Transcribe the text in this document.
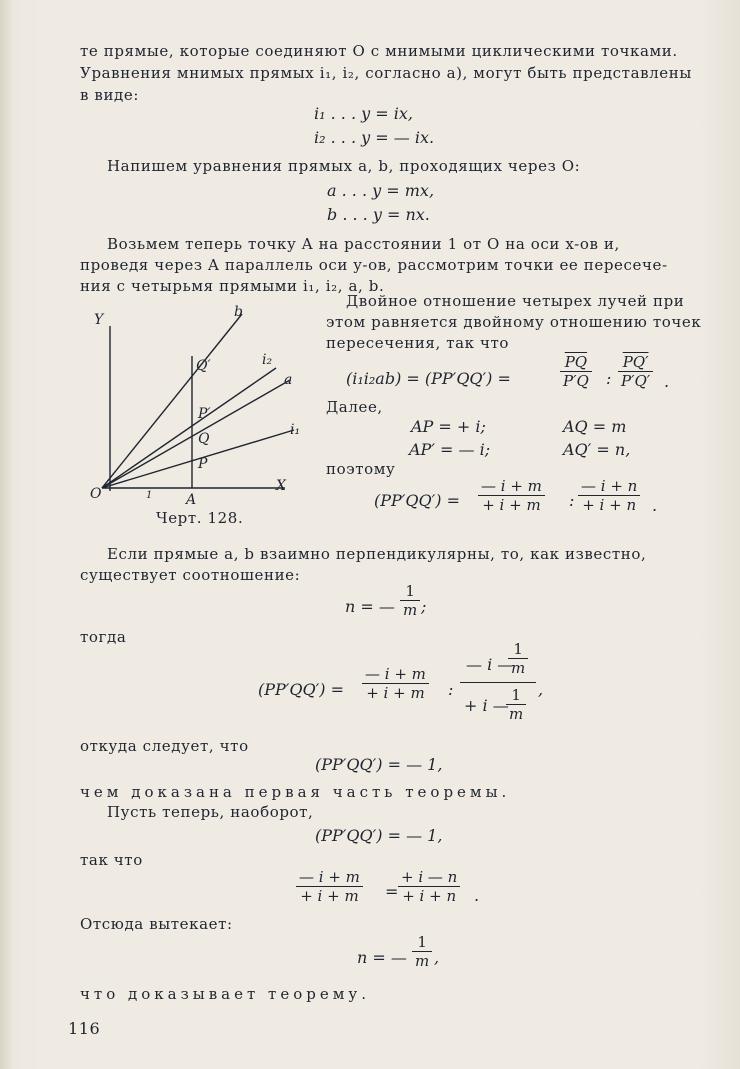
те прямые, которые соединяют O с мнимыми циклическими точками.
Уравнения мнимых прямых i₁, i₂, согласно а), могут быть представлены
в виде:
i₁ . . . y = ix,
i₂ . . . y = — ix.
Напишем уравнения прямых a, b, проходящих через O:
a . . . y = mx,
b . . . y = nx.
Возьмем теперь точку A на расстоянии 1 от O на оси x-ов и,
проведя через A параллель оси y-ов, рассмотрим точки ее пересече-
ния с четырьмя прямыми i₁, i₂, a, b.
Y	b
i₂
a
i₁
Q′
P′
Q
P
X
O	1 A
Черт. 128.
Двойное отношение четырех лучей при
этом равняется двойному отношению точек
пересечения, так что
(i₁i₂ab) = (PP′QQ′) =	$\frac{\overline{PQ}}{P'Q}$ : $\frac{PQ'}{P'Q'}$ .
Далее,
AP = + i;	AQ = m
AP′ = — i;	AQ′ = n,
поэтому
$(PP'QQ') = \frac{— i + m}{+ i + m}$ : $\frac{— i + n}{+ i + n}$ .
Если прямые a, b взаимно перпендикулярны, то, как известно,
существует соотношение:
n = — $\frac{1}{m}$ ;
тогда
$(PP'QQ') = \frac{— i + m}{+ i + m}$ :
— i —
$\frac{1}{m}$
+ i —
$\frac{1}{m}$ ,
откуда следует, что
(PP′QQ′) = — 1,
чем доказана первая часть теоремы.
Пусть теперь, наоборот,
(PP′QQ′) = — 1,
так что
$\frac{— i + m}{+ i + m} = \frac{+ i — n}{+ i + n}$ .
Отсюда вытекает:
n = — $\frac{1}{m}$ ,
что доказывает теорему.
116
